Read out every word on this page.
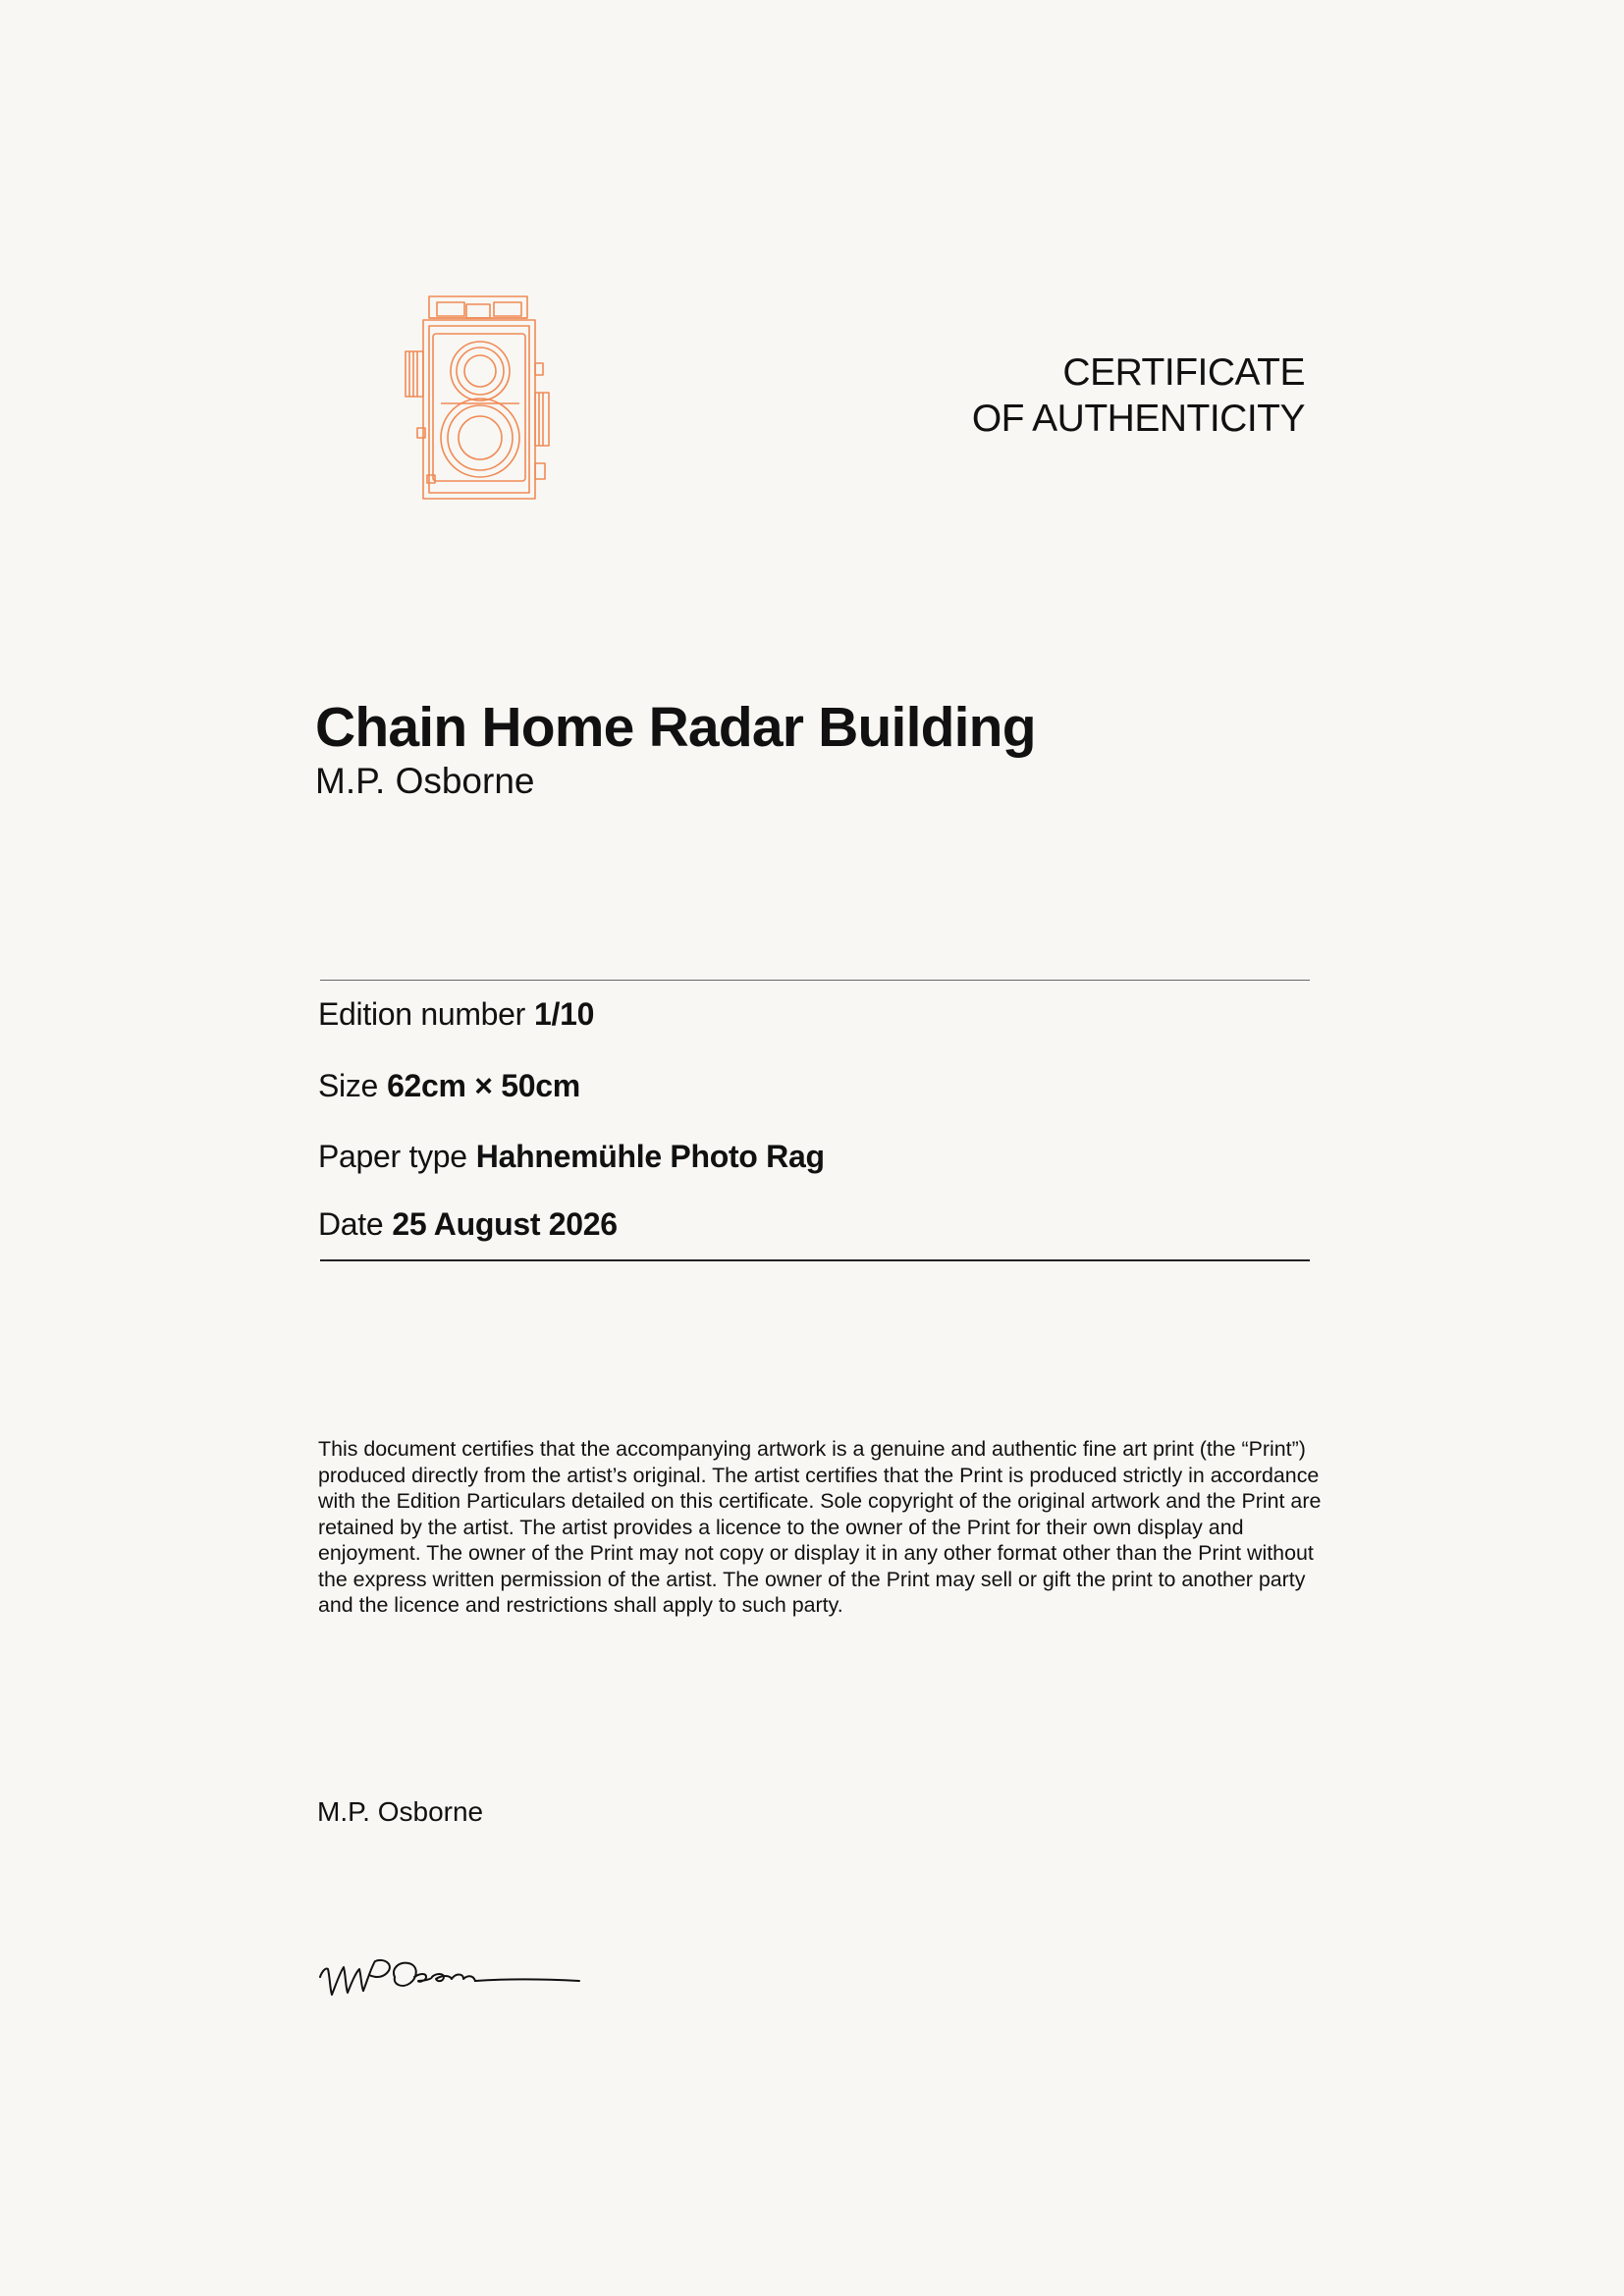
CERTIFICATE
OF AUTHENTICITY
Chain Home Radar Building
M.P. Osborne
Edition number 1/10
Size 62cm × 50cm
Paper type Hahnemühle Photo Rag
Date 25 August 2026

This document certifies that the accompanying artwork is a genuine and authentic fine art print (the “Print”) produced directly from the artist’s original. The artist certifies that the Print is produced strictly in accordance with the Edition Particulars detailed on this certificate. Sole copyright of the original artwork and the Print are retained by the artist. The artist provides a licence to the owner of the Print for their own display and enjoyment. The owner of the Print may not copy or display it in any other format other than the Print without the express written permission of the artist. The owner of the Print may sell or gift the print to another party and the licence and restrictions shall apply to such party.

M.P. Osborne
